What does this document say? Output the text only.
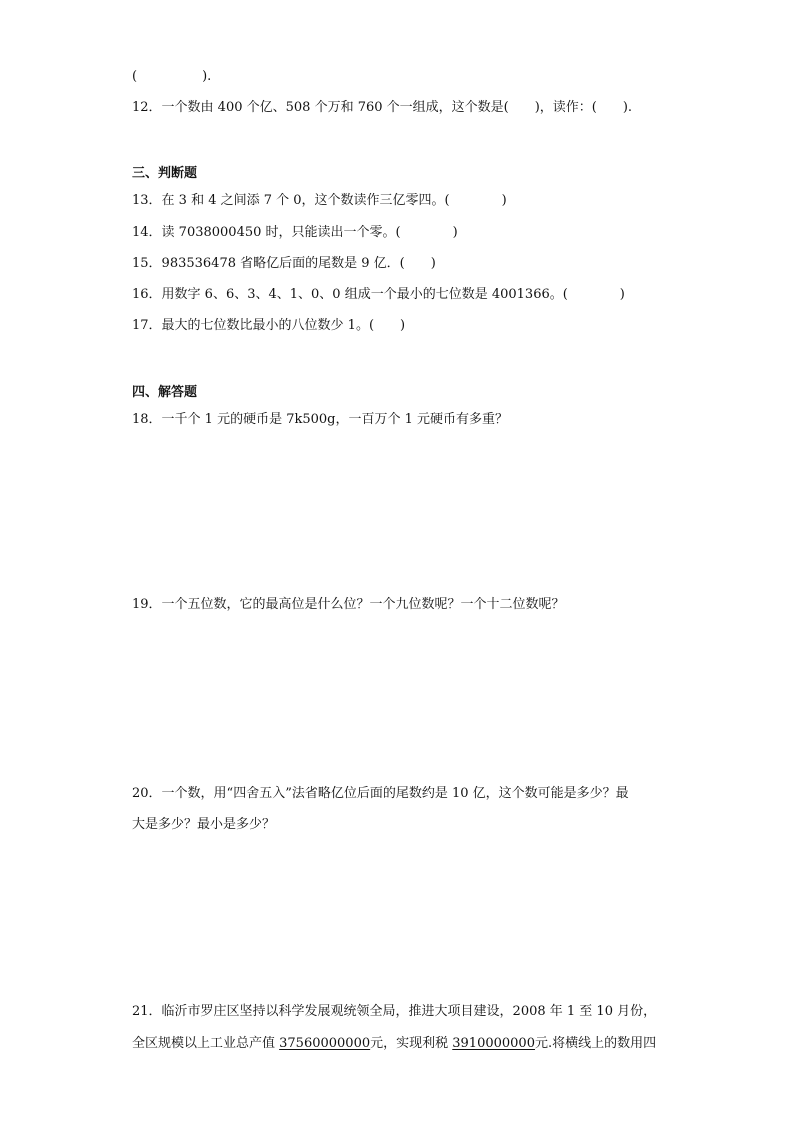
(　　　　　).
12．一个数由 400 个亿、508 个万和 760 个一组成，这个数是(　　)，读作：(　　).
三、判断题
13．在 3 和 4 之间添 7 个 0，这个数读作三亿零四。(　　　　)
14．读 7038000450 时，只能读出一个零。(　　　　)
15．983536478 省略亿后面的尾数是 9 亿．(　　)
16．用数字 6、6、3、4、1、0、0 组成一个最小的七位数是 4001366。(　　　　)
17．最大的七位数比最小的八位数少 1。(　　)
四、解答题
18．一千个 1 元的硬币是 7k500g，一百万个 1 元硬币有多重？
19．一个五位数，它的最高位是什么位？一个九位数呢？一个十二位数呢？
20．一个数，用“四舍五入”法省略亿位后面的尾数约是 10 亿，这个数可能是多少？最
大是多少？最小是多少？
21．临沂市罗庄区坚持以科学发展观统领全局，推进大项目建设，2008 年 1 至 10 月份，
全区规模以上工业总产值 37560000000元，实现利税 3910000000元.将横线上的数用四
